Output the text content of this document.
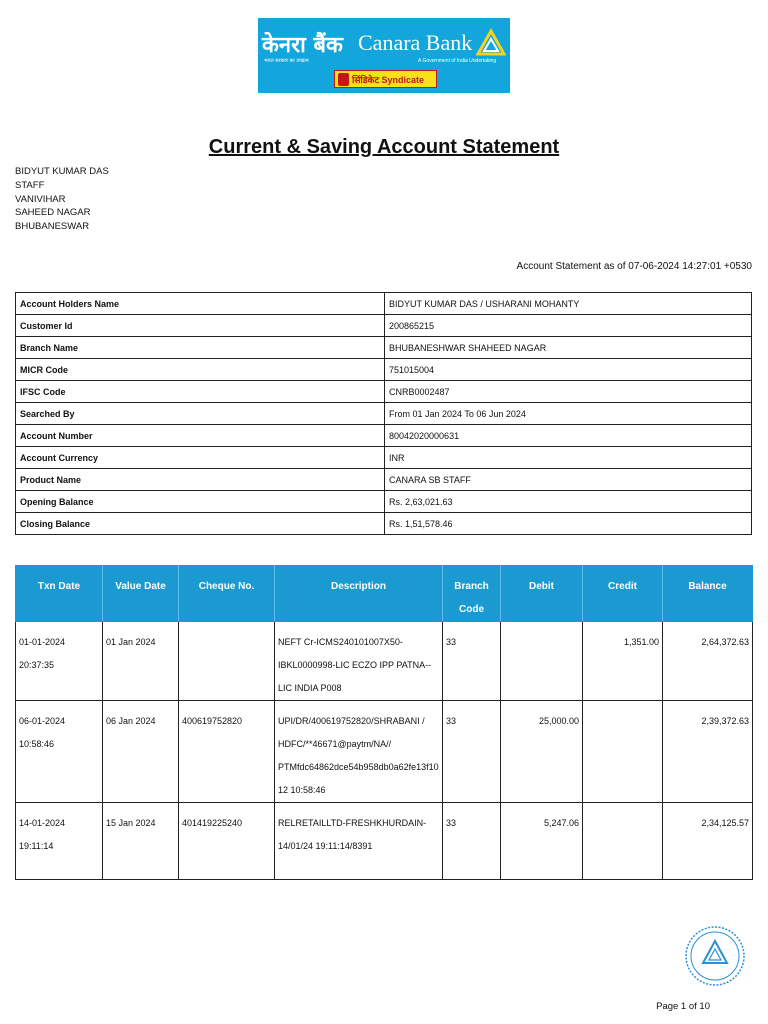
केनरा बैंक Canara Bank
भारत सरकार का उपक्रम	A Government of India Undertaking
सिंडिकेट Syndicate
Current & Saving Account Statement
BIDYUT KUMAR DAS
STAFF
VANIVIHAR
SAHEED NAGAR
BHUBANESWAR
Account Statement as of 07-06-2024 14:27:01 +0530
Account Holders Name	BIDYUT KUMAR DAS / USHARANI MOHANTY
Customer Id	200865215
Branch Name	BHUBANESHWAR SHAHEED NAGAR
MICR Code	751015004
IFSC Code	CNRB0002487
Searched By	From 01 Jan 2024 To 06 Jun 2024
Account Number	80042020000631
Account Currency	INR
Product Name	CANARA SB STAFF
Opening Balance	Rs. 2,63,021.63
Closing Balance	Rs. 1,51,578.46
Txn Date	Value Date	Cheque No.	Description	Branch Code	Debit	Credit	Balance
01-01-2024 20:37:35	01 Jan 2024		NEFT Cr-ICMS240101007X50-IBKL0000998-LIC ECZO IPP PATNA--LIC INDIA P008	33		1,351.00	2,64,372.63
06-01-2024 10:58:46	06 Jan 2024	400619752820	UPI/DR/400619752820/SHRABANI / HDFC/**46671@paytm/NA// PTMfdc64862dce54b958db0a62fe13f1012 10:58:46	33	25,000.00		2,39,372.63
14-01-2024 19:11:14	15 Jan 2024	401419225240	RELRETAILLTD-FRESHKHURDAIN-14/01/24 19:11:14/8391	33	5,247.06		2,34,125.57
Page 1 of 10
